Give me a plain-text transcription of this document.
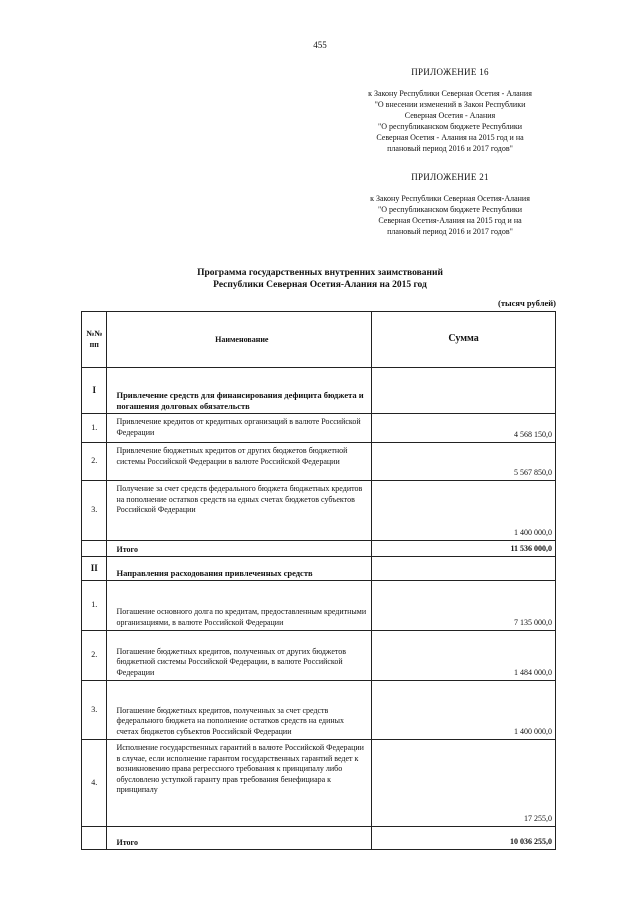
455
ПРИЛОЖЕНИЕ 16
к Закону Республики Северная Осетия - Алания
"О внесении изменений в Закон Республики
Северная Осетия - Алания
"О республиканском бюджете Республики
Северная Осетия - Алания на 2015 год и на
плановый период 2016 и 2017 годов"
ПРИЛОЖЕНИЕ 21
к Закону Республики Северная Осетия-Алания
"О республиканском бюджете Республики
Северная Осетия-Алания на 2015 год и на
плановый период 2016 и 2017 годов"
Программа государственных внутренних заимствований
Республики Северная Осетия-Алания на 2015 год
(тысяч рублей)
№№ пп	Наименование	Сумма
I	Привлечение средств для финансирования дефицита бюджета и погашения долговых обязательств	
1.	Привлечение кредитов от кредитных организаций в валюте Российской Федерации	4 568 150,0
2.	Привлечение бюджетных кредитов от других бюджетов бюджетной системы Российской Федерации в валюте Российской Федерации	5 567 850,0
3.	Получение за счет средств федерального бюджета бюджетных кредитов на пополнение остатков средств на едных счетах бюджетов субъектов Российской Федерации	1 400 000,0
	Итого	11 536 000,0
II	Направления расходования привлеченных средств	
1.	Погашение основного долга по кредитам, предоставленным кредитными организациями, в валюте Российской Федерации	7 135 000,0
2.	Погашение бюджетных кредитов, полученных от других бюджетов бюджетной системы Российской Федерации, в валюте Российской Федерации	1 484 000,0
3.	Погашение бюджетных кредитов, полученных за счет средств федерального бюджета на пополнение остатков средств на единых счетах бюджетов субъектов Российской Федерации	1 400 000,0
4.	Исполнение государственных гарантий в валюте Российской Федерации в случае, если исполнение гарантом государственных гарантий ведет к возникновению права регрессного требования к принципалу либо обусловлено уступкой гаранту прав требования бенефициара к принципалу	17 255,0
	Итого	10 036 255,0
